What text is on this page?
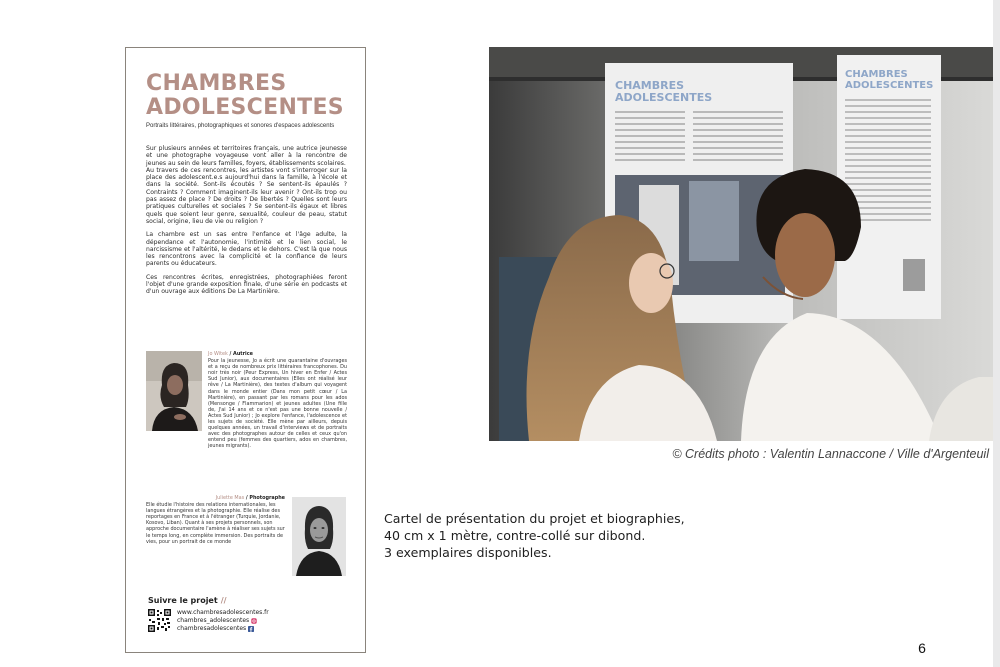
CHAMBRES
ADOLESCENTES

Portraits littéraires, photographiques et sonores d'espaces adolescents

Sur plusieurs années et territoires français, une autrice jeunesse et une photographe voyageuse vont aller à la rencontre de jeunes au sein de leurs familles, foyers, établissements scolaires.
Au travers de ces rencontres, les artistes vont s'interroger sur la place des adolescent.e.s aujourd'hui dans la famille, à l'école et dans la société. Sont-ils écoutés ? Se sentent-ils épaulés ? Contraints ? Comment imaginent-ils leur avenir ? Ont-ils trop ou pas assez de place ? De droits ? De libertés ? Quelles sont leurs pratiques culturelles et sociales ? Se sentent-ils égaux et libres quels que soient leur genre, sexualité, couleur de peau, statut social, origine, lieu de vie ou religion ?

La chambre est un sas entre l'enfance et l'âge adulte, la dépendance et l'autonomie, l'intimité et le lien social, le narcissisme et l'altérité, le dedans et le dehors. C'est là que nous les rencontrons avec la complicité et la confiance de leurs parents ou éducateurs.

Ces rencontres écrites, enregistrées, photographiées feront l'objet d'une grande exposition finale, d'une série en podcasts et d'un ouvrage aux éditions De La Martinière.

Jo Witek / Autrice

Pour la jeunesse, Jo a écrit une quarantaine d'ouvrages et a reçu de nombreux prix littéraires francophones. Du noir très noir (Peur Express, Un hiver en Enfer / Actes Sud Junior), aux documentaires (Elles ont réalisé leur rêve / La Martinière), des textes d'album qui voyagent dans le monde entier (Dans mon petit cœur / La Martinière), en passant par les romans pour les ados (Mensonge / Flammarion) et jeunes adultes (Une fille de, J'ai 14 ans et ce n'est pas une bonne nouvelle / Actes Sud Junior) ; Jo explore l'enfance, l'adolescence et les sujets de société. Elle mène par ailleurs, depuis quelques années, un travail d'interviews et de portraits avec des photographes autour de celles et ceux qu'on entend peu (femmes des quartiers, ados en chambres, jeunes migrants).

Juliette Mas / Photographe

Elle étudie l'histoire des relations internationales, les langues étrangères et la photographie. Elle réalise des reportages en France et à l'étranger (Turquie, Jordanie, Kosovo, Liban). Quant à ses projets personnels, son approche documentaire l'amène à réaliser ses sujets sur le temps long, en complète immersion. Des portraits de vies, pour un portrait de ce monde

Suivre le projet //
www.chambresadolescentes.fr
chambres_adolescentes
chambresadolescentes
CHAMBRES
ADOLESCENTES
CHAMBRES
ADOLESCENTES
© Crédits photo : Valentin Lannaccone / Ville d'Argenteuil
Cartel de présentation du projet et biographies,
40 cm x 1 mètre, contre-collé sur dibond.
3 exemplaires disponibles.
6
